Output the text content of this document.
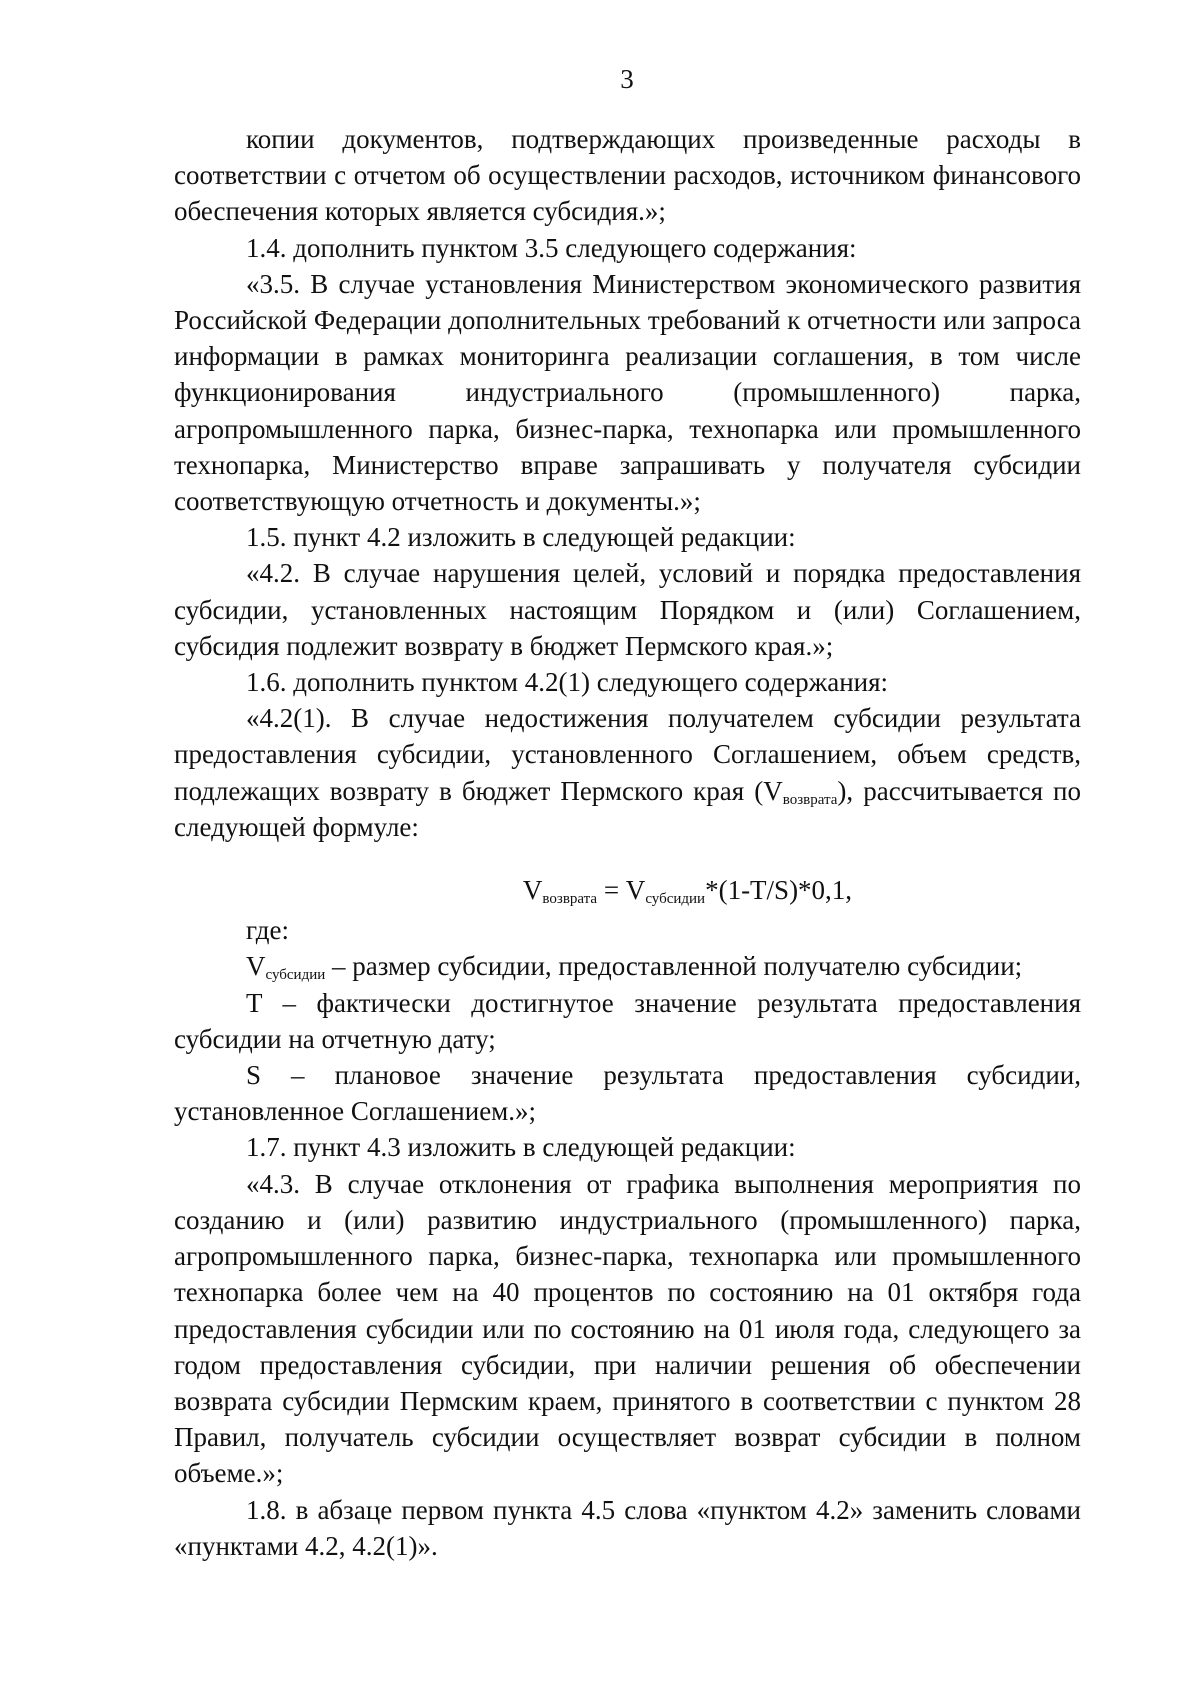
3

копии документов, подтверждающих произведенные расходы в соответствии с отчетом об осуществлении расходов, источником финансового обеспечения которых является субсидия.»;

1.4. дополнить пунктом 3.5 следующего содержания:

«3.5. В случае установления Министерством экономического развития Российской Федерации дополнительных требований к отчетности или запроса информации в рамках мониторинга реализации соглашения, в том числе функционирования индустриального (промышленного) парка, агропромышленного парка, бизнес-парка, технопарка или промышленного технопарка, Министерство вправе запрашивать у получателя субсидии соответствующую отчетность и документы.»;

1.5. пункт 4.2 изложить в следующей редакции:

«4.2. В случае нарушения целей, условий и порядка предоставления субсидии, установленных настоящим Порядком и (или) Соглашением, субсидия подлежит возврату в бюджет Пермского края.»;

1.6. дополнить пунктом 4.2(1) следующего содержания:

«4.2(1). В случае недостижения получателем субсидии результата предоставления субсидии, установленного Соглашением, объем средств, подлежащих возврату в бюджет Пермского края $(V_{возврата})$, рассчитывается по следующей формуле:

$V_{возврата} = V_{субсидии}*(1-T/S)*0,1$,

где:

$V_{субсидии}$ – размер субсидии, предоставленной получателю субсидии;

T – фактически достигнутое значение результата предоставления субсидии на отчетную дату;

S – плановое значение результата предоставления субсидии, установленное Соглашением.»;

1.7. пункт 4.3 изложить в следующей редакции:

«4.3. В случае отклонения от графика выполнения мероприятия по созданию и (или) развитию индустриального (промышленного) парка, агропромышленного парка, бизнес-парка, технопарка или промышленного технопарка более чем на 40 процентов по состоянию на 01 октября года предоставления субсидии или по состоянию на 01 июля года, следующего за годом предоставления субсидии, при наличии решения об обеспечении возврата субсидии Пермским краем, принятого в соответствии с пунктом 28 Правил, получатель субсидии осуществляет возврат субсидии в полном объеме.»;

1.8. в абзаце первом пункта 4.5 слова «пунктом 4.2» заменить словами «пунктами 4.2, 4.2(1)».
